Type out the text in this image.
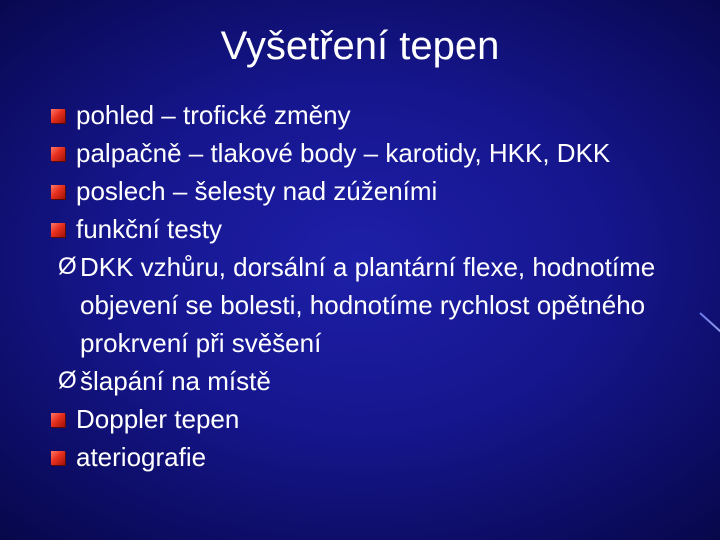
Vyšetření tepen
pohled – trofické změny
palpačně – tlakové body – karotidy, HKK, DKK
poslech – šelesty nad zúženími
funkční testy
Ø DKK vzhůru, dorsální a plantární flexe, hodnotíme objevení se bolesti, hodnotíme rychlost opětného prokrvení při svěšení
Ø šlapání na místě
Doppler tepen
ateriografie
